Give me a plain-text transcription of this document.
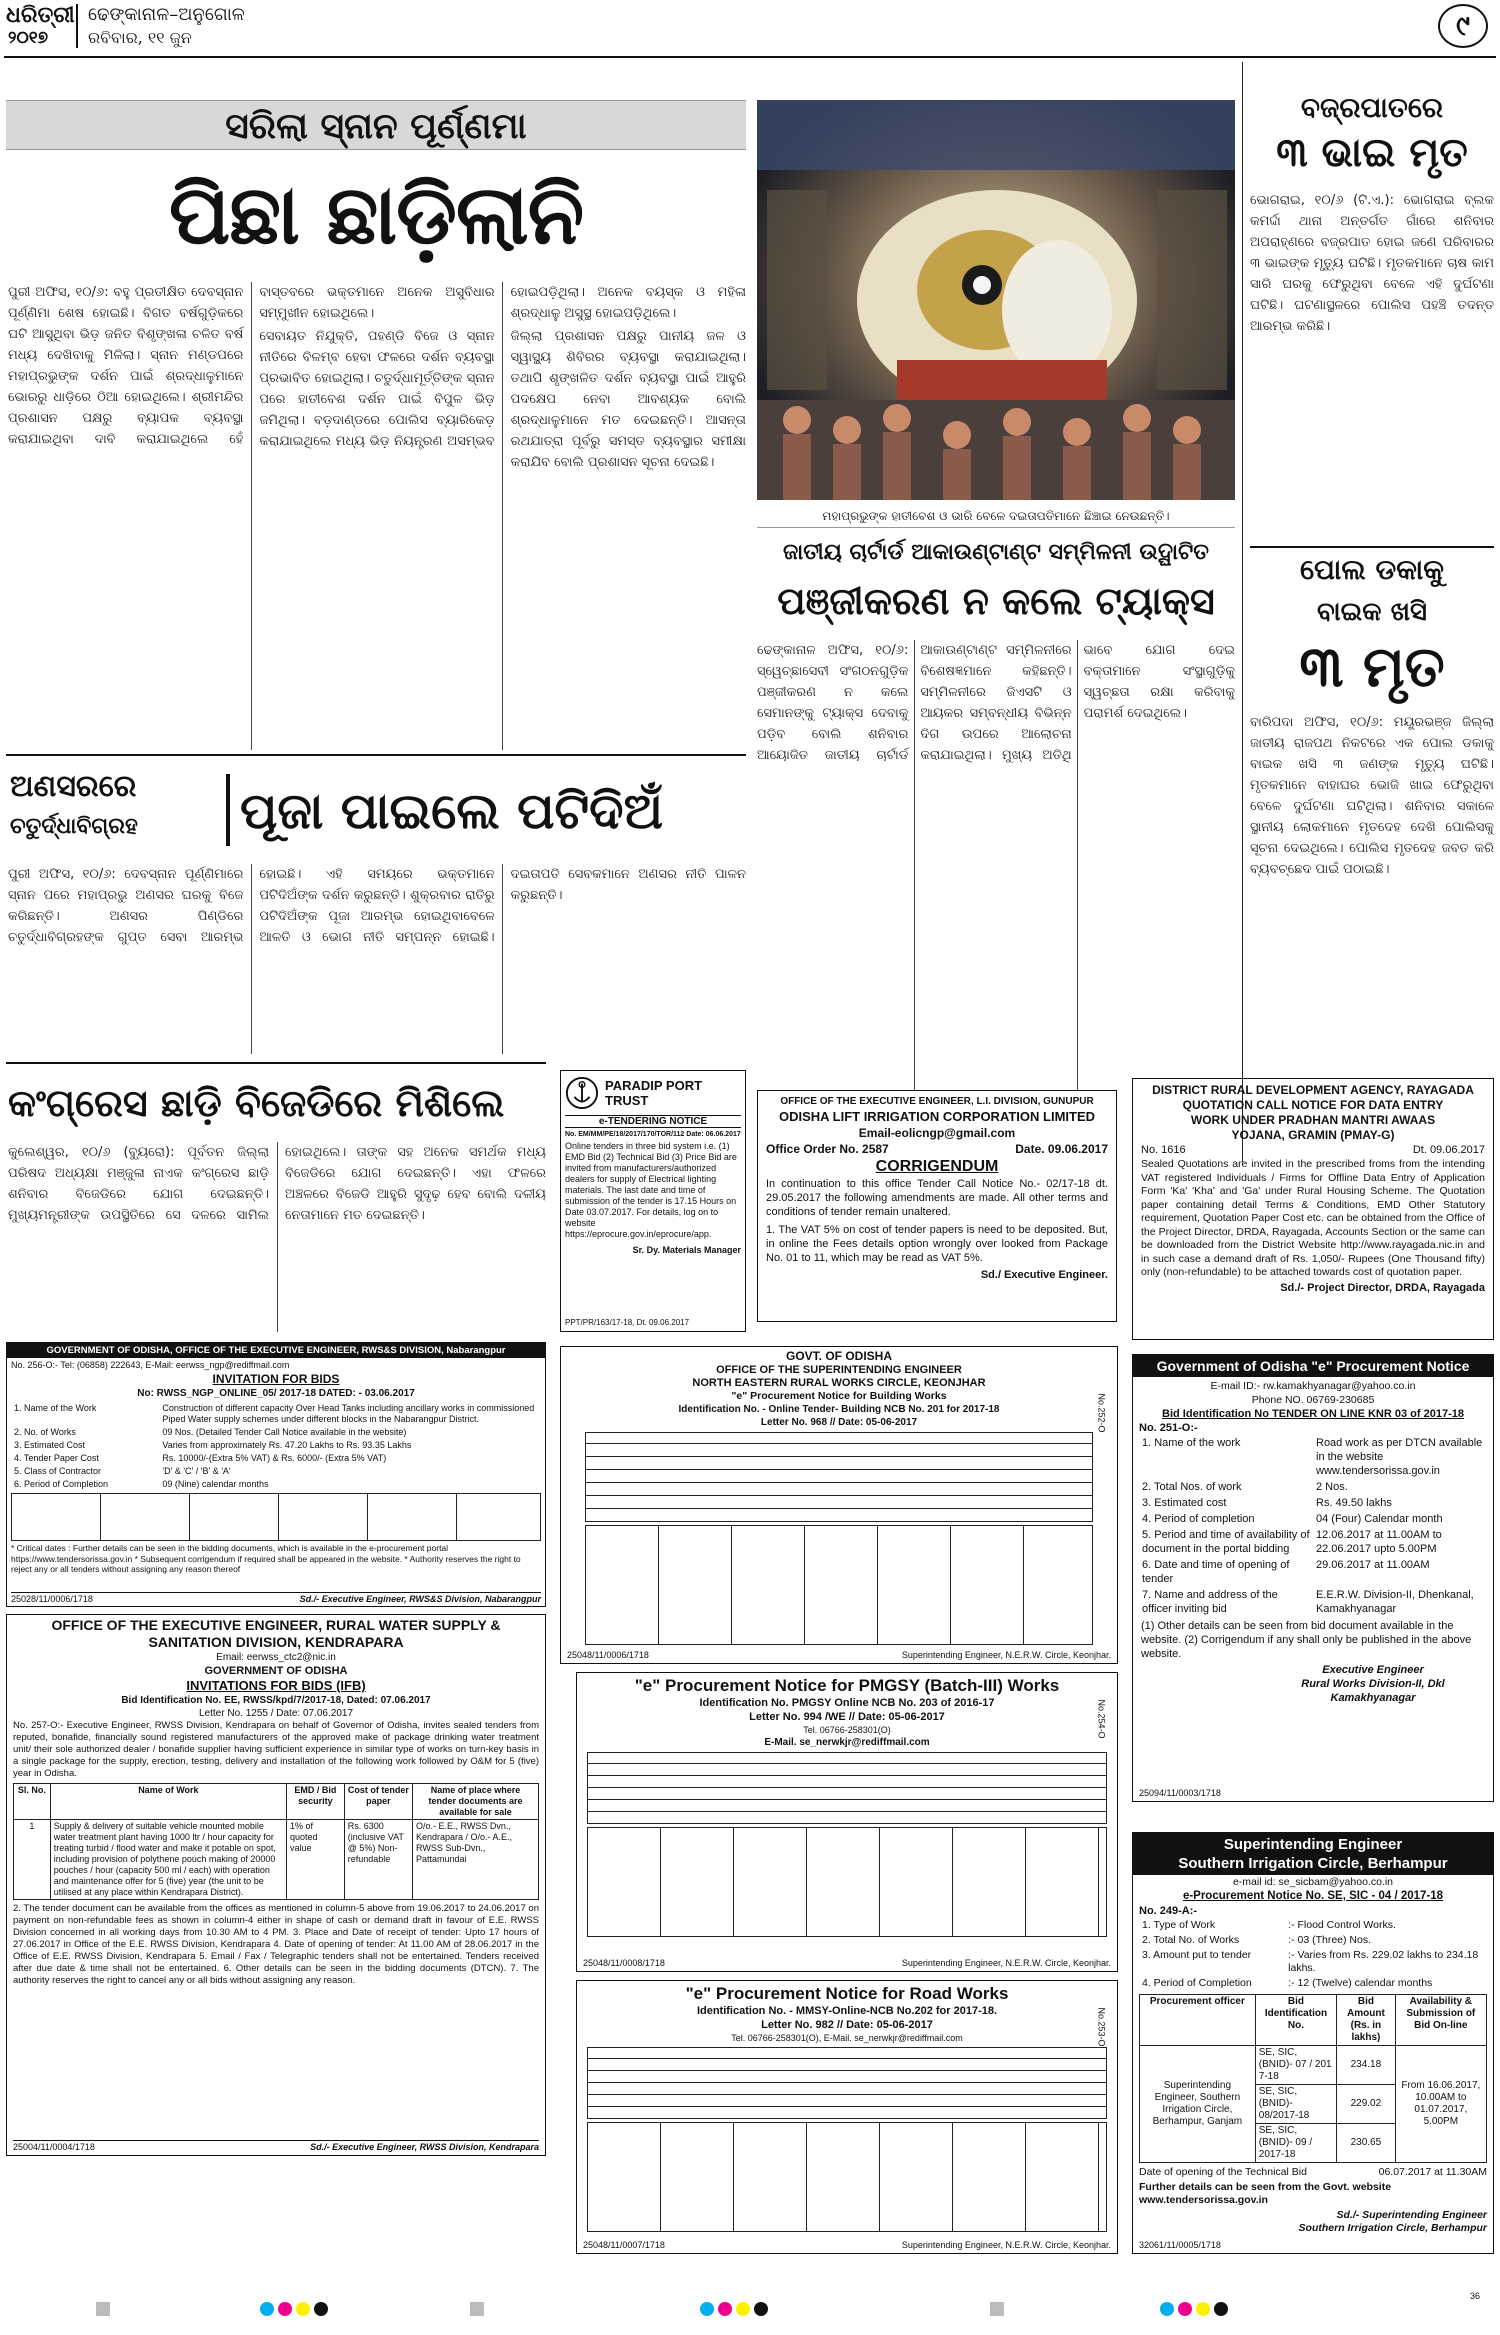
ଧରିତ୍ରୀ
୨୦୧୭
ଢେଙ୍କାନାଳ–ଅନୁଗୋଳ
ରବିବାର, ୧୧ ଜୁନ	୯
ସରିଲା ସ୍ନାନ ପୂର୍ଣ୍ଣମା
ପିଛା ଛାଡ଼ିଲାନି

ପୁରୀ ଅଫିସ, ୧୦/୬: ବହୁ ପ୍ରତୀକ୍ଷିତ ଦେବସ୍ନାନ ପୂର୍ଣ୍ଣିମା ଶେଷ ହୋଇଛି। ବିଗତ ବର୍ଷଗୁଡ଼ିକରେ ଘଟି ଆସୁଥିବା ଭିଡ଼ ଜନିତ ବିଶୃଙ୍ଖଳା ଚଳିତ ବର୍ଷ ମଧ୍ୟ ଦେଖିବାକୁ ମିଳିଲା। ସ୍ନାନ ମଣ୍ଡପରେ ମହାପ୍ରଭୁଙ୍କ ଦର୍ଶନ ପାଇଁ ଶ୍ରଦ୍ଧାଳୁମାନେ ଭୋରରୁ ଧାଡ଼ିରେ ଠିଆ ହୋଇଥିଲେ। ଶ୍ରୀମନ୍ଦିର ପ୍ରଶାସନ ପକ୍ଷରୁ ବ୍ୟାପକ ବ୍ୟବସ୍ଥା କରାଯାଇଥିବା ଦାବି କରାଯାଇଥିଲେ ହେଁ ବାସ୍ତବରେ ଭକ୍ତମାନେ ଅନେକ ଅସୁବିଧାର ସମ୍ମୁଖୀନ ହୋଇଥିଲେ।

ସେବାୟତ ନିଯୁକ୍ତି, ପହଣ୍ଡି ବିଜେ ଓ ସ୍ନାନ ନୀତିରେ ବିଳମ୍ବ ହେବା ଫଳରେ ଦର୍ଶନ ବ୍ୟବସ୍ଥା ପ୍ରଭାବିତ ହୋଇଥିଲା। ଚତୁର୍ଦ୍ଧାମୂର୍ତ୍ତିଙ୍କ ସ୍ନାନ ପରେ ହାତୀବେଶ ଦର୍ଶନ ପାଇଁ ବିପୁଳ ଭିଡ଼ ଜମିଥିଲା। ବଡ଼ଦାଣ୍ଡରେ ପୋଲିସ ବ୍ୟାରିକେଡ଼ କରାଯାଇଥିଲେ ମଧ୍ୟ ଭିଡ଼ ନିୟନ୍ତ୍ରଣ ଅସମ୍ଭବ ହୋଇପଡ଼ିଥିଲା। ଅନେକ ବୟସ୍କ ଓ ମହିଳା ଶ୍ରଦ୍ଧାଳୁ ଅସୁସ୍ଥ ହୋଇପଡ଼ିଥିଲେ।

ଜିଲ୍ଲା ପ୍ରଶାସନ ପକ୍ଷରୁ ପାନୀୟ ଜଳ ଓ ସ୍ୱାସ୍ଥ୍ୟ ଶିବିରର ବ୍ୟବସ୍ଥା କରାଯାଇଥିଲା। ତଥାପି ଶୃଙ୍ଖଳିତ ଦର୍ଶନ ବ୍ୟବସ୍ଥା ପାଇଁ ଆହୁରି ପଦକ୍ଷେପ ନେବା ଆବଶ୍ୟକ ବୋଲି ଶ୍ରଦ୍ଧାଳୁମାନେ ମତ ଦେଇଛନ୍ତି। ଆସନ୍ତା ରଥଯାତ୍ରା ପୂର୍ବରୁ ସମସ୍ତ ବ୍ୟବସ୍ଥାର ସମୀକ୍ଷା କରାଯିବ ବୋଲି ପ୍ରଶାସନ ସୂଚନା ଦେଇଛି।

ମହାପ୍ରଭୁଙ୍କ ହାତୀବେଶ ଓ ଭାରି ବେଳେ ଦଇତାପତିମାନେ ଛିଞ୍ଚାଇ ନେଉଛନ୍ତି।
ବଜ୍ରପାତରେ
୩ ଭାଇ ମୃତ
ଭୋଗରାଇ, ୧୦/୬ (ଟି.ଏ.): ଭୋଗରାଇ ବ୍ଲକ କମର୍ଦ୍ଦା ଥାନା ଅନ୍ତର୍ଗତ ଗାଁରେ ଶନିବାର ଅପରାହ୍ଣରେ ବଜ୍ରପାତ ହୋଇ ଜଣେ ପରିବାରର ୩ ଭାଇଙ୍କ ମୃତ୍ୟୁ ଘଟିଛି। ମୃତକମାନେ ଚାଷ କାମ ସାରି ଘରକୁ ଫେରୁଥିବା ବେଳେ ଏହି ଦୁର୍ଘଟଣା ଘଟିଛି। ଘଟଣାସ୍ଥଳରେ ପୋଲିସ ପହଞ୍ଚି ତଦନ୍ତ ଆରମ୍ଭ କରିଛି।
ପୋଲ ଡକାକୁ
ବାଇକ ଖସି
୩ ମୃତ
ବାରିପଦା ଅଫିସ, ୧୦/୬: ମୟୂରଭଞ୍ଜ ଜିଲ୍ଲା ଜାତୀୟ ରାଜପଥ ନିକଟରେ ଏକ ପୋଲ ଡକାକୁ ବାଇକ ଖସି ୩ ଜଣଙ୍କ ମୃତ୍ୟୁ ଘଟିଛି। ମୃତକମାନେ ବାହାଘର ଭୋଜି ଖାଇ ଫେରୁଥିବା ବେଳେ ଦୁର୍ଘଟଣା ଘଟିଥିଲା। ଶନିବାର ସକାଳେ ସ୍ଥାନୀୟ ଲୋକମାନେ ମୃତଦେହ ଦେଖି ପୋଲିସକୁ ସୂଚନା ଦେଇଥିଲେ। ପୋଲିସ ମୃତଦେହ ଜବତ କରି ବ୍ୟବଚ୍ଛେଦ ପାଇଁ ପଠାଇଛି।
ଜାତୀୟ ଚାର୍ଟାର୍ଡ ଆକାଉଣ୍ଟାଣ୍ଟ ସମ୍ମିଳନୀ ଉଦ୍ଘାଟିତ
ପଞ୍ଜୀକରଣ ନ କଲେ ଟ୍ୟାକ୍ସ
ଢେଙ୍କାନାଳ ଅଫିସ, ୧୦/୬: ସ୍ୱେଚ୍ଛାସେବୀ ସଂଗଠନଗୁଡ଼ିକ ପଞ୍ଜୀକରଣ ନ କଲେ ସେମାନଙ୍କୁ ଟ୍ୟାକ୍ସ ଦେବାକୁ ପଡ଼ିବ ବୋଲି ଶନିବାର ଆୟୋଜିତ ଜାତୀୟ ଚାର୍ଟାର୍ଡ ଆକାଉଣ୍ଟାଣ୍ଟ ସମ୍ମିଳନୀରେ ବିଶେଷଜ୍ଞମାନେ କହିଛନ୍ତି। ସମ୍ମିଳନୀରେ ଜିଏସଟି ଓ ଆୟକର ସମ୍ବନ୍ଧୀୟ ବିଭିନ୍ନ ଦିଗ ଉପରେ ଆଲୋଚନା କରାଯାଇଥିଲା। ମୁଖ୍ୟ ଅତିଥି ଭାବେ ଯୋଗ ଦେଇ ବକ୍ତାମାନେ ସଂସ୍ଥାଗୁଡ଼ିକୁ ସ୍ୱଚ୍ଛତା ରକ୍ଷା କରିବାକୁ ପରାମର୍ଶ ଦେଇଥିଲେ।
ଅଣସରରେ
ଚତୁର୍ଦ୍ଧାବିଗ୍ରହ	ପୂଜା ପାଇଲେ ପଟିଦିଅଁ
ପୁରୀ ଅଫିସ, ୧୦/୬: ଦେବସ୍ନାନ ପୂର୍ଣ୍ଣିମାରେ ସ୍ନାନ ପରେ ମହାପ୍ରଭୁ ଅଣସର ଘରକୁ ବିଜେ କରିଛନ୍ତି। ଅଣସର ପିଣ୍ଡିରେ ଚତୁର୍ଦ୍ଧାବିଗ୍ରହଙ୍କ ଗୁପ୍ତ ସେବା ଆରମ୍ଭ ହୋଇଛି। ଏହି ସମୟରେ ଭକ୍ତମାନେ ପଟିଦିଅଁଙ୍କ ଦର୍ଶନ କରୁଛନ୍ତି। ଶୁକ୍ରବାର ରାତିରୁ ପଟିଦିଅଁଙ୍କ ପୂଜା ଆରମ୍ଭ ହୋଇଥିବାବେଳେ ଆଳତି ଓ ଭୋଗ ନୀତି ସମ୍ପନ୍ନ ହୋଇଛି। ଦଇତାପତି ସେବକମାନେ ଅଣସର ନୀତି ପାଳନ କରୁଛନ୍ତି।
କଂଗ୍ରେସ ଛାଡ଼ି ବିଜେଡିରେ ମିଶିଲେ
କୁଲେଶ୍ୱର, ୧୦/୬ (ବ୍ୟୁରୋ): ପୂର୍ବତନ ଜିଲ୍ଲା ପରିଷଦ ଅଧ୍ୟକ୍ଷା ମଞ୍ଜୁଳା ନାଏକ କଂଗ୍ରେସ ଛାଡ଼ି ଶନିବାର ବିଜେଡିରେ ଯୋଗ ଦେଇଛନ୍ତି। ମୁଖ୍ୟମନ୍ତ୍ରୀଙ୍କ ଉପସ୍ଥିତିରେ ସେ ଦଳରେ ସାମିଲ ହୋଇଥିଲେ। ତାଙ୍କ ସହ ଅନେକ ସମର୍ଥକ ମଧ୍ୟ ବିଜେଡିରେ ଯୋଗ ଦେଇଛନ୍ତି। ଏହା ଫଳରେ ଅଞ୍ଚଳରେ ବିଜେଡି ଆହୁରି ସୁଦୃଢ଼ ହେବ ବୋଲି ଦଳୀୟ ନେତାମାନେ ମତ ଦେଇଛନ୍ତି।
PARADIP PORT TRUST
e-TENDERING NOTICE
No. EM/MM/PE/18/2017/170/TOR/112 Date: 06.06.2017
Online tenders in three bid system i.e. (1) EMD Bid (2) Technical Bid (3) Price Bid are invited from manufacturers/authorized dealers for supply of Electrical lighting materials. The last date and time of submission of the tender is 17.15 Hours on Date 03.07.2017. For details, log on to website https://eprocure.gov.in/eprocure/app.
Sr. Dy. Materials Manager
PPT/PR/163/17-18, Dt. 09.06.2017
OFFICE OF THE EXECUTIVE ENGINEER, L.I. DIVISION, GUNUPUR
ODISHA LIFT IRRIGATION CORPORATION LIMITED
Email-eolicngp@gmail.com
Office Order No. 2587	Date. 09.06.2017
CORRIGENDUM
In continuation to this office Tender Call Notice No.- 02/17-18 dt. 29.05.2017 the following amendments are made. All other terms and conditions of tender remain unaltered.
1. The VAT 5% on cost of tender papers is need to be deposited. But, in online the Fees details option wrongly over looked from Package No. 01 to 11, which may be read as VAT 5%.
Sd./ Executive Engineer.
DISTRICT RURAL DEVELOPMENT AGENCY, RAYAGADA
QUOTATION CALL NOTICE FOR DATA ENTRY
WORK UNDER PRADHAN MANTRI AWAAS
YOJANA, GRAMIN (PMAY-G)
No. 1616	Dt. 09.06.2017
Sealed Quotations are invited in the prescribed froms from the intending VAT registered Individuals / Firms for Offline Data Entry of Application Form 'Ka' 'Kha' and 'Ga' under Rural Housing Scheme. The Quotation paper containing detail Terms & Conditions, EMD Other Statutory requirement, Quotation Paper Cost etc. can be obtained from the Office of the Project Director, DRDA, Rayagada, Accounts Section or the same can be downloaded from the District Website http://www.rayagada.nic.in and in such case a demand draft of Rs. 1,050/- Rupees (One Thousand fifty) only (non-refundable) to be attached towards cost of quotation paper.
Sd./- Project Director, DRDA, Rayagada
GOVERNMENT OF ODISHA, OFFICE OF THE EXECUTIVE ENGINEER, RWS&S DIVISION, Nabarangpur
No. 256-O:- Tel: (06858) 222643, E-Mail: eerwss_ngp@rediffmail.com
INVITATION FOR BIDS
No: RWSS_NGP_ONLINE_05/ 2017-18 DATED: - 03.06.2017
1. Name of the Work	Construction of different capacity Over Head Tanks including ancillary works in commissioned Piped Water supply schemes under different blocks in the Nabarangpur District.
2. No. of Works	09 Nos. (Detailed Tender Call Notice available in the website)
3. Estimated Cost	Varies from approximately Rs. 47.20 Lakhs to Rs. 93.35 Lakhs
4. Tender Paper Cost	Rs. 10000/-(Extra 5% VAT) & Rs. 6000/- (Extra 5% VAT)
5. Class of Contractor	'D' & 'C' / 'B' & 'A'
6. Period of Completion	09 (Nine) calendar months
* Critical dates : Further details can be seen in the bidding documents, which is available in the e-procurement portal https://www.tendersorissa.gov.in * Subsequent corrigendum if required shall be appeared in the website. * Authority reserves the right to reject any or all tenders without assigning any reason thereof
25028/11/0006/1718	Sd./- Executive Engineer, RWS&S Division, Nabarangpur
OFFICE OF THE EXECUTIVE ENGINEER, RURAL WATER SUPPLY & SANITATION DIVISION, KENDRAPARA
Email: eerwss_ctc2@nic.in
GOVERNMENT OF ODISHA
INVITATIONS FOR BIDS (IFB)
Bid Identification No. EE, RWSS/kpd/7/2017-18, Dated: 07.06.2017
Letter No. 1255 / Date: 07.06.2017
No. 257-O:- Executive Engineer, RWSS Division, Kendrapara on behalf of Governor of Odisha, invites sealed tenders from reputed, bonafide, financially sound registered manufacturers of the approved make of package drinking water treatment unit/ their sole authorized dealer / bonafide supplier having sufficient experience in similar type of works on turn-key basis in a single package for the supply, erection, testing, delivery and installation of the following work followed by O&M for 5 (five) year in Odisha.
Sl. No.	Name of Work	EMD / Bid security	Cost of tender paper	Name of place where tender documents are available for sale
1	Supply & delivery of suitable vehicle mounted mobile water treatment plant having 1000 ltr / hour capacity for treating turbid / flood water and make it potable on spot, including provision of polythene pouch making of 20000 pouches / hour (capacity 500 ml / each) with operation and maintenance offer for 5 (five) year (the unit to be utilised at any place within Kendrapara District).	1% of quoted value	Rs. 6300 (inclusive VAT @ 5%) Non-refundable	O/o.- E.E., RWSS Dvn., Kendrapara / O/o.- A.E., RWSS Sub-Dvn., Pattamundai
2. The tender document can be available from the offices as mentioned in column-5 above from 19.06.2017 to 24.06.2017 on payment on non-refundable fees as shown in column-4 either in shape of cash or demand draft in favour of E.E. RWSS Division concerned in all working days from 10.30 AM to 4 PM. 3. Place and Date of receipt of tender: Upto 17 hours of 27.06.2017 in Office of the E.E. RWSS Division, Kendrapara 4. Date of opening of tender: At 11.00 AM of 28.06.2017 in the Office of E.E. RWSS Division, Kendrapara 5. Email / Fax / Telegraphic tenders shall not be entertained. Tenders received after due date & time shall not be entertained. 6. Other details can be seen in the bidding documents (DTCN). 7. The authority reserves the right to cancel any or all bids without assigning any reason.
25004/11/0004/1718	Sd./- Executive Engineer, RWSS Division, Kendrapara
GOVT. OF ODISHA
OFFICE OF THE SUPERINTENDING ENGINEER
NORTH EASTERN RURAL WORKS CIRCLE, KEONJHAR
"e" Procurement Notice for Building Works
Identification No. - Online Tender- Building NCB No. 201 for 2017-18
Letter No. 968 // Date: 05-06-2017	No.252-O
25048/11/0006/1718	Superintending Engineer, N.E.R.W. Circle, Keonjhar.
"e" Procurement Notice for PMGSY (Batch-III) Works
Identification No. PMGSY Online NCB No. 203 of 2016-17
Letter No. 994 /WE // Date: 05-06-2017
Tel. 06766-258301(O)
E-Mail. se_nerwkjr@rediffmail.com
No.254-O
25048/11/0008/1718	Superintending Engineer, N.E.R.W. Circle, Keonjhar.
"e" Procurement Notice for Road Works
Identification No. - MMSY-Online-NCB No.202 for 2017-18.
Letter No. 982 // Date: 05-06-2017
Tel. 06766-258301(O), E-Mail. se_nerwkjr@rediffmail.com	No.253-O
25048/11/0007/1718	Superintending Engineer, N.E.R.W. Circle, Keonjhar.
Government of Odisha "e" Procurement Notice
E-mail ID:- rw.kamakhyanagar@yahoo.co.in
Phone NO. 06769-230685
Bid Identification No TENDER ON LINE KNR 03 of 2017-18
No. 251-O:-
1. Name of the work	Road work as per DTCN available in the website www.tendersorissa.gov.in
2. Total Nos. of work	2 Nos.
3. Estimated cost	Rs. 49.50 lakhs
4. Period of completion	04 (Four) Calendar month
5. Period and time of availability of document in the portal bidding	12.06.2017 at 11.00AM to 22.06.2017 upto 5.00PM
6. Date and time of opening of tender	29.06.2017 at 11.00AM
7. Name and address of the officer inviting bid	E.E.R.W. Division-II, Dhenkanal, Kamakhyanagar
(1) Other details can be seen from bid document available in the website. (2) Corrigendum if any shall only be published in the above website.
Executive Engineer
Rural Works Division-II, Dkl
Kamakhyanagar
25094/11/0003/1718
Superintending Engineer
Southern Irrigation Circle, Berhampur
e-mail id: se_sicbam@yahoo.co.in
e-Procurement Notice No. SE, SIC - 04 / 2017-18
No. 249-A:-
1. Type of Work	:- Flood Control Works.
2. Total No. of Works	:- 03 (Three) Nos.
3. Amount put to tender	:- Varies from Rs. 229.02 lakhs to 234.18 lakhs.
4. Period of Completion	:- 12 (Twelve) calendar months
Procurement officer	Bid Identification No.	Bid Amount (Rs. in lakhs)	Availability & Submission of Bid On-line
Superintending Engineer, Southern Irrigation Circle, Berhampur, Ganjam	SE, SIC, (BNID)- 07 / 201 7-18	234.18	From 16.06.2017, 10.00AM to 01.07.2017, 5.00PM
	SE, SIC, (BNID)- 08/2017-18	229.02	
	SE, SIC, (BNID)- 09 / 2017-18	230.65	
Date of opening of the Technical Bid	06.07.2017 at 11.30AM
Further details can be seen from the Govt. website www.tendersorissa.gov.in
Sd./- Superintending Engineer
Southern Irrigation Circle, Berhampur
32061/11/0005/1718
36
